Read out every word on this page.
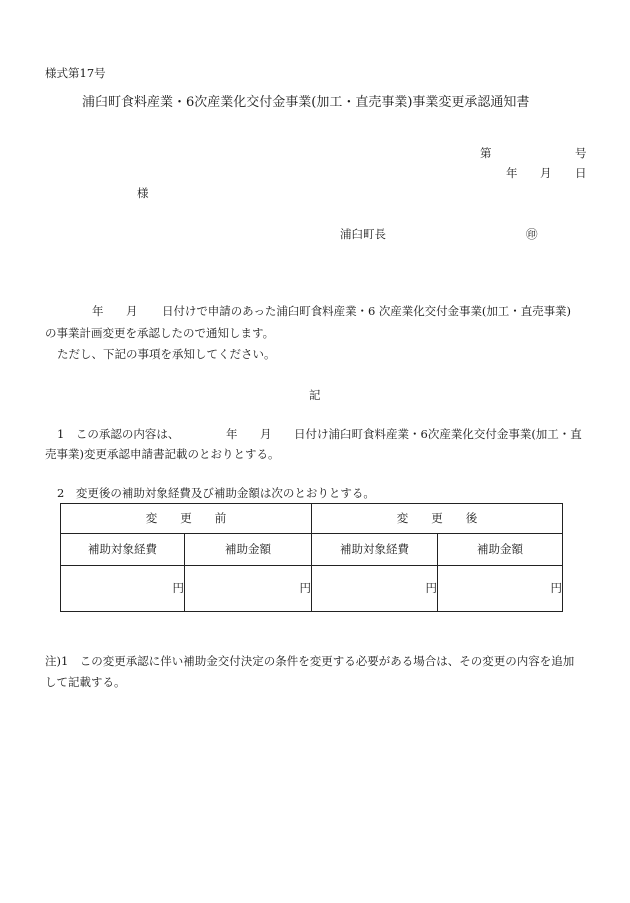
様式第17号
浦臼町食料産業・6次産業化交付金事業(加工・直売事業)事業変更承認通知書
第	号
年 月 日
様
浦臼町長	㊞
年 月 日付けで申請のあった浦臼町食料産業・6 次産業化交付金事業(加工・直売事業)
の事業計画変更を承認したので通知します。
ただし、下記の事項を承知してください。
記
1　この承認の内容は、	年 月 日付け浦臼町食料産業・6次産業化交付金事業(加工・直
売事業)変更承認申請書記載のとおりとする。
2　変更後の補助対象経費及び補助金額は次のとおりとする。
変　　更　　前		変　　更　　後	
補助対象経費	補助金額	補助対象経費	補助金額
円	円	円	円
注)1　この変更承認に伴い補助金交付決定の条件を変更する必要がある場合は、その変更の内容を追加
して記載する。
